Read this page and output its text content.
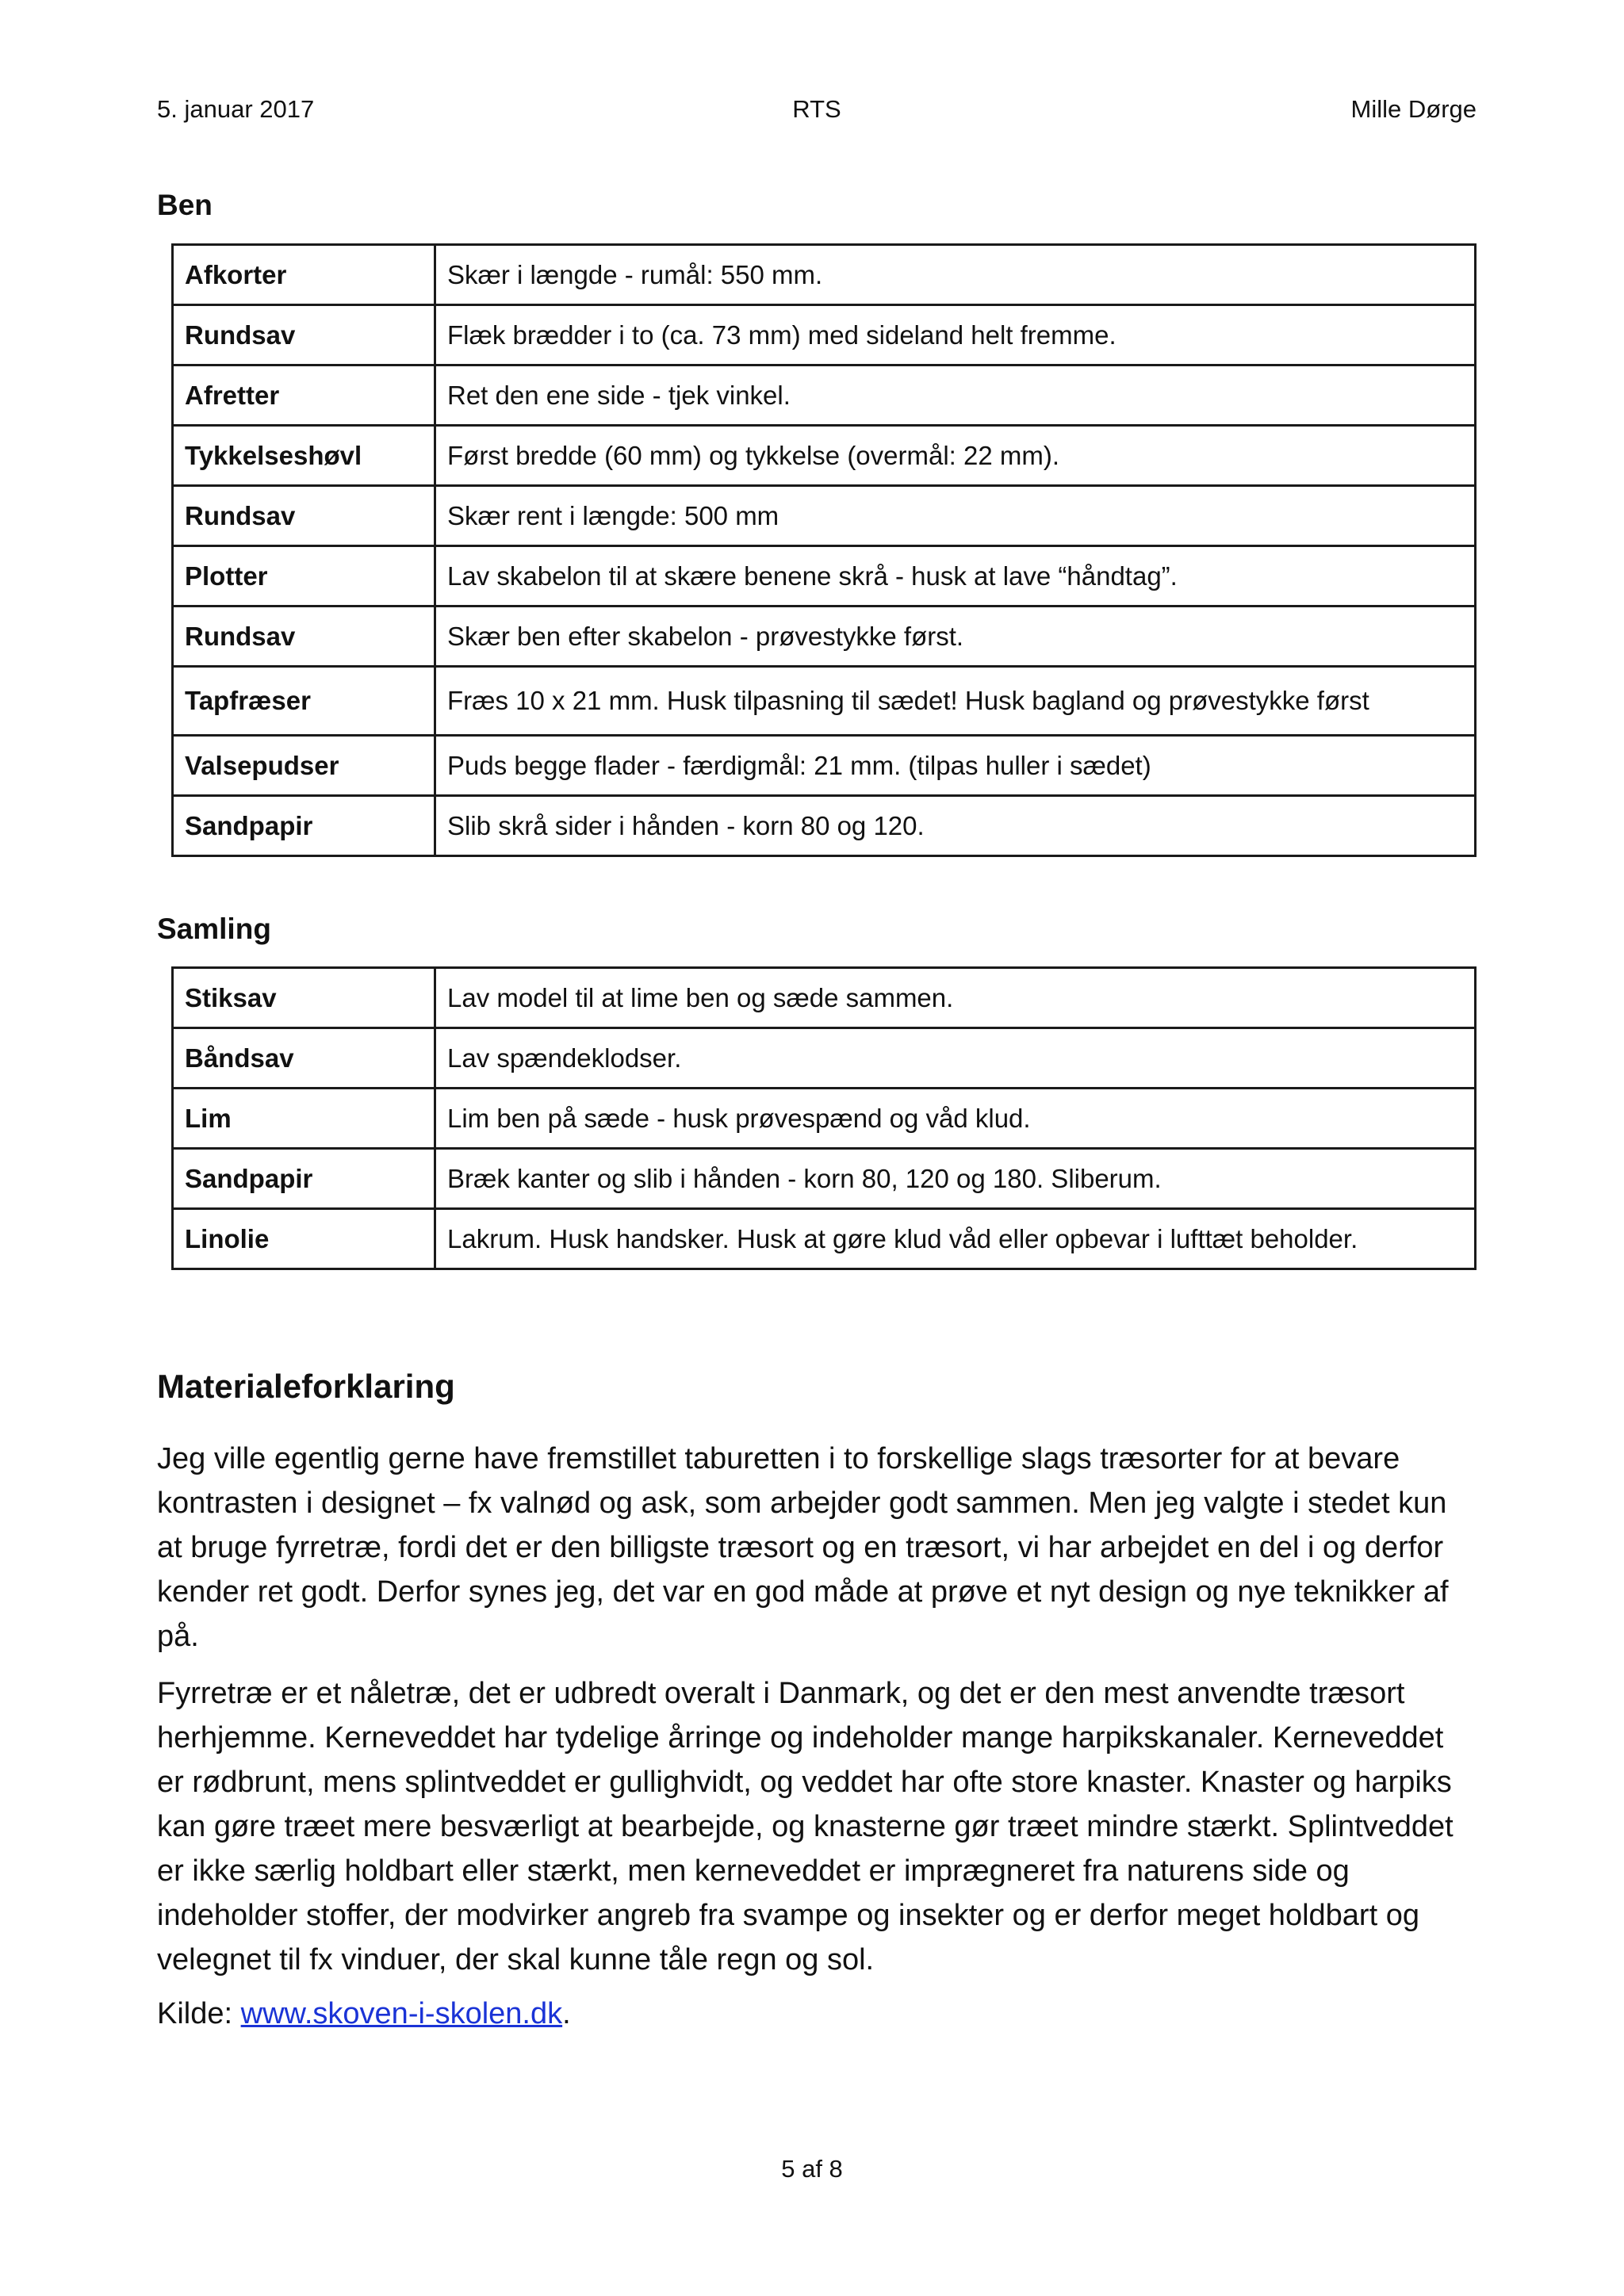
5. januar 2017	RTS	Mille Dørge
Ben
Afkorter	Skær i længde - rumål: 550 mm.
Rundsav	Flæk brædder i to (ca. 73 mm) med sideland helt fremme.
Afretter	Ret den ene side - tjek vinkel.
Tykkelseshøvl	Først bredde (60 mm) og tykkelse (overmål: 22 mm).
Rundsav	Skær rent i længde: 500 mm
Plotter	Lav skabelon til at skære benene skrå - husk at lave “håndtag”.
Rundsav	Skær ben efter skabelon - prøvestykke først.
Tapfræser	Fræs 10 x 21 mm. Husk tilpasning til sædet! Husk bagland og prøvestykke først
Valsepudser	Puds begge flader - færdigmål: 21 mm. (tilpas huller i sædet)
Sandpapir	Slib skrå sider i hånden - korn 80 og 120.
Samling
Stiksav	Lav model til at lime ben og sæde sammen.
Båndsav	Lav spændeklodser.
Lim	Lim ben på sæde - husk prøvespænd og våd klud.
Sandpapir	Bræk kanter og slib i hånden - korn 80, 120 og 180. Sliberum.
Linolie	Lakrum. Husk handsker. Husk at gøre klud våd eller opbevar i lufttæt beholder.
Materialeforklaring

Jeg ville egentlig gerne have fremstillet taburetten i to forskellige slags træsorter for at bevare kontrasten i designet – fx valnød og ask, som arbejder godt sammen. Men jeg valgte i stedet kun at bruge fyrretræ, fordi det er den billigste træsort og en træsort, vi har arbejdet en del i og derfor kender ret godt. Derfor synes jeg, det var en god måde at prøve et nyt design og nye teknikker af på.

Fyrretræ er et nåletræ, det er udbredt overalt i Danmark, og det er den mest anvendte træsort herhjemme. Kerneveddet har tydelige årringe og indeholder mange harpikskanaler. Kerneveddet er rødbrunt, mens splintveddet er gullighvidt, og veddet har ofte store knaster. Knaster og harpiks kan gøre træet mere besværligt at bearbejde, og knasterne gør træet mindre stærkt. Splintveddet er ikke særlig holdbart eller stærkt, men kerneveddet er imprægneret fra naturens side og indeholder stoffer, der modvirker angreb fra svampe og insekter og er derfor meget holdbart og velegnet til fx vinduer, der skal kunne tåle regn og sol.

Kilde: www.skoven-i-skolen.dk.

5 af 8
